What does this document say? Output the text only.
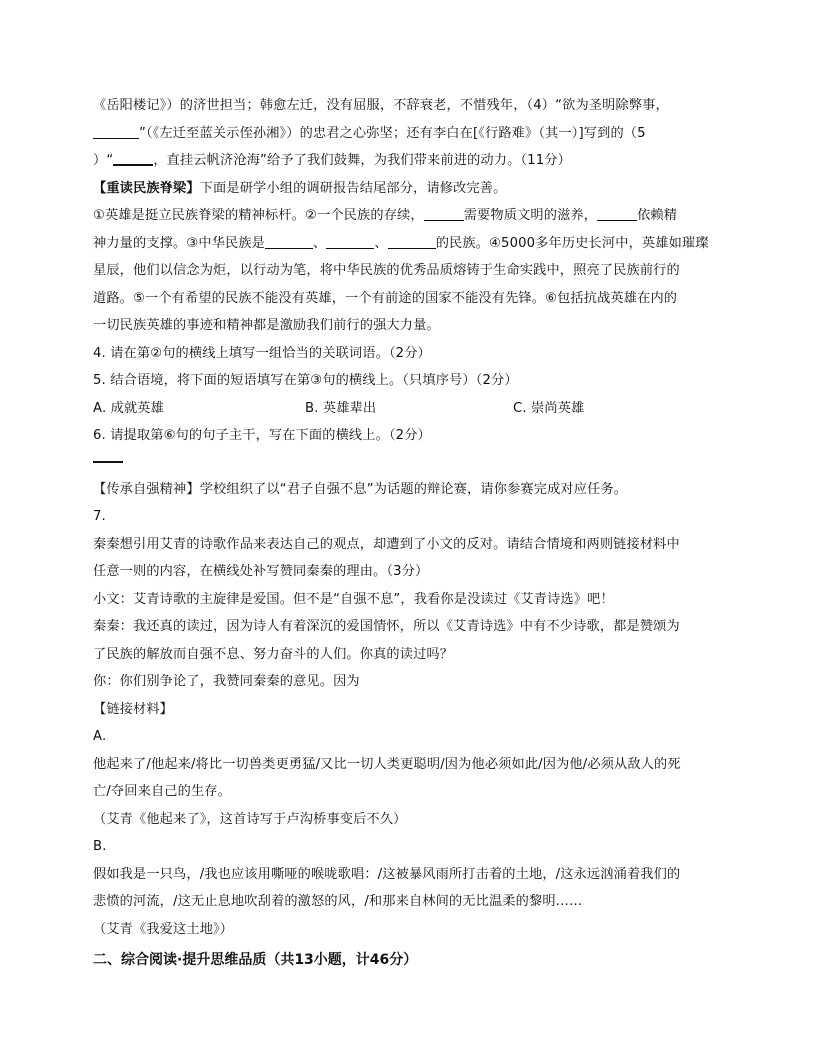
《岳阳楼记》）的济世担当；韩愈左迁，没有屈服，不辞衰老，不惜残年，（4）“欲为圣明除弊事，
”（《左迁至蓝关示侄孙湘》）的忠君之心弥坚；还有李白在[《行路难》（其一）]写到的（5
）“	，直挂云帆济沧海”给予了我们鼓舞，为我们带来前进的动力。（11分）
【重读民族脊梁】下面是研学小组的调研报告结尾部分，请修改完善。
①英雄是挺立民族脊梁的精神标杆。②一个民族的存续，	需要物质文明的滋养，	依赖精
神力量的支撑。③中华民族是	、	、	的民族。④5000多年历史长河中，英雄如璀璨
星辰，他们以信念为炬，以行动为笔，将中华民族的优秀品质熔铸于生命实践中，照亮了民族前行的
道路。⑤一个有希望的民族不能没有英雄，一个有前途的国家不能没有先锋。⑥包括抗战英雄在内的
一切民族英雄的事迹和精神都是激励我们前行的强大力量。
4. 请在第②句的横线上填写一组恰当的关联词语。（2分）
5. 结合语境，将下面的短语填写在第③句的横线上。（只填序号）（2分）
A. 成就英雄	B. 英雄辈出	C. 崇尚英雄
6. 请提取第⑥句的句子主干，写在下面的横线上。（2分）
【传承自强精神】学校组织了以“君子自强不息”为话题的辩论赛，请你参赛完成对应任务。
7.
秦秦想引用艾青的诗歌作品来表达自己的观点，却遭到了小文的反对。请结合情境和两则链接材料中
任意一则的内容，在横线处补写赞同秦秦的理由。（3分）
小文：艾青诗歌的主旋律是爱国。但不是“自强不息”，我看你是没读过《艾青诗选》吧！
秦秦：我还真的读过，因为诗人有着深沉的爱国情怀，所以《艾青诗选》中有不少诗歌，都是赞颂为
了民族的解放而自强不息、努力奋斗的人们。你真的读过吗？
你：你们别争论了，我赞同秦秦的意见。因为
【链接材料】
A.
他起来了/他起来/将比一切兽类更勇猛/又比一切人类更聪明/因为他必须如此/因为他/必须从敌人的死
亡/夺回来自己的生存。
（艾青《他起来了》，这首诗写于卢沟桥事变后不久）
B.
假如我是一只鸟，/我也应该用嘶哑的喉咙歌唱：/这被暴风雨所打击着的土地，/这永远汹涌着我们的
悲愤的河流，/这无止息地吹刮着的激怒的风，/和那来自林间的无比温柔的黎明……
（艾青《我爱这土地》）
二、综合阅读·提升思维品质（共13小题，计46分）
